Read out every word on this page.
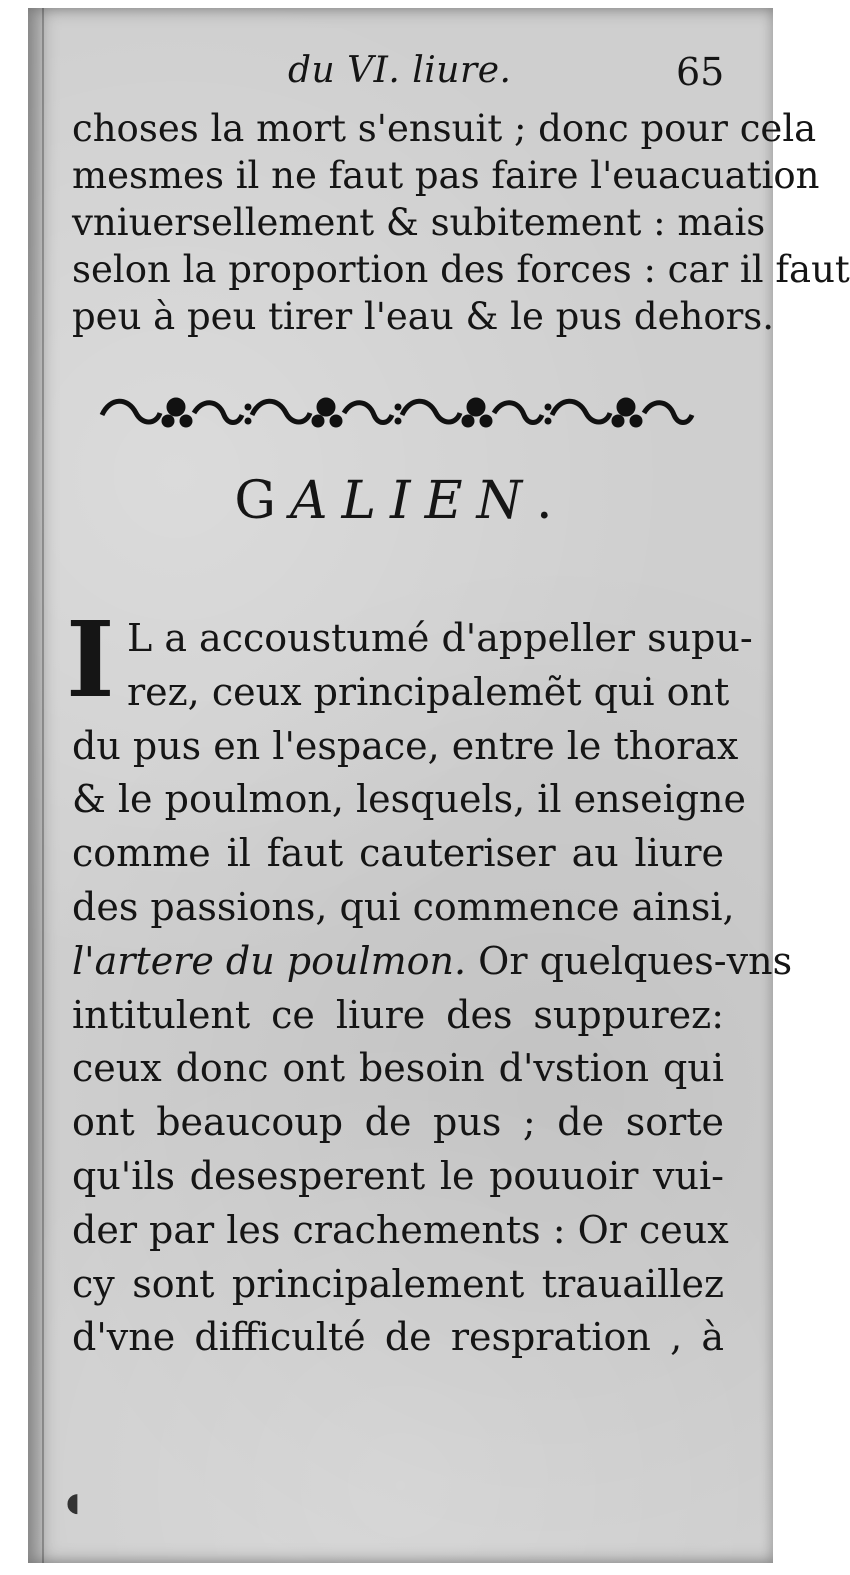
du VI. liure.	65
choses la mort s'ensuit ; donc pour cela
mesmes il ne faut pas faire l'euacuation
vniuersellement & subitement : mais
selon la proportion des forces : car il faut
peu à peu tirer l'eau & le pus dehors.
GALIEN.
I L a accoustumé d'appeller supu-
rez, ceux principalemẽt qui ont
du pus en l'espace, entre le thorax
& le poulmon, lesquels, il enseigne
comme il faut cauteriser au liure
des passions, qui commence ainsi,
l'artere du poulmon. Or quelques-vns
intitulent ce liure des suppurez:
ceux donc ont besoin d'vstion qui
ont beaucoup de pus ; de sorte
qu'ils desesperent le pouuoir vui-
der par les crachements : Or ceux
cy sont principalement trauaillez
d'vne difficulté de respration , à
◖
